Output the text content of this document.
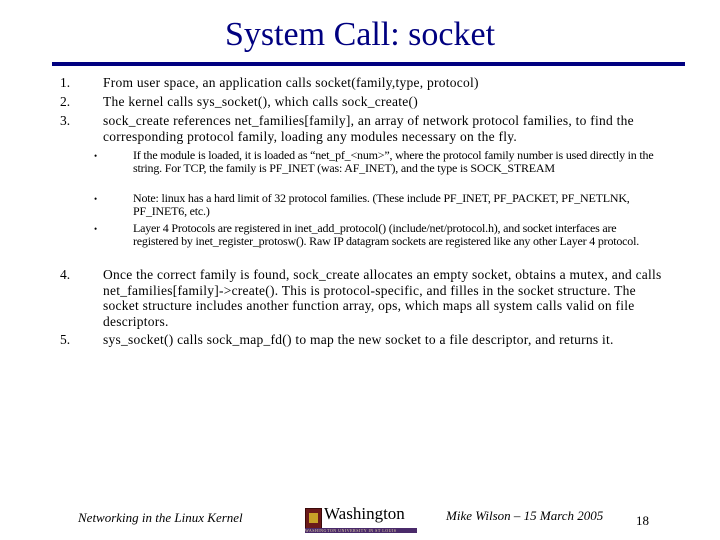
System Call: socket
1. From user space, an application calls socket(family,type, protocol)
2. The kernel calls sys_socket(), which calls sock_create()
3. sock_create references net_families[family], an array of network protocol families, to find the corresponding protocol family, loading any modules necessary on the fly.
•	If the module is loaded, it is loaded as “net_pf_<num>”, where the protocol family number is used directly in the string. For TCP, the family is PF_INET (was: AF_INET), and the type is SOCK_STREAM
•	Note: linux has a hard limit of 32 protocol families. (These include PF_INET, PF_PACKET, PF_NETLNK, PF_INET6, etc.)
•	Layer 4 Protocols are registered in inet_add_protocol() (include/net/protocol.h), and socket interfaces are registered by inet_register_protosw(). Raw IP datagram sockets are registered like any other Layer 4 protocol.
4. Once the correct family is found, sock_create allocates an empty socket, obtains a mutex, and calls net_families[family]->create(). This is protocol-specific, and filles in the socket structure. The socket structure includes another function array, ops, which maps all system calls valid on file descriptors.
5. sys_socket() calls sock_map_fd() to map the new socket to a file descriptor, and returns it.
Networking in the Linux Kernel	Washington
WASHINGTON UNIVERSITY IN ST LOUIS
Mike Wilson – 15 March 2005	18
